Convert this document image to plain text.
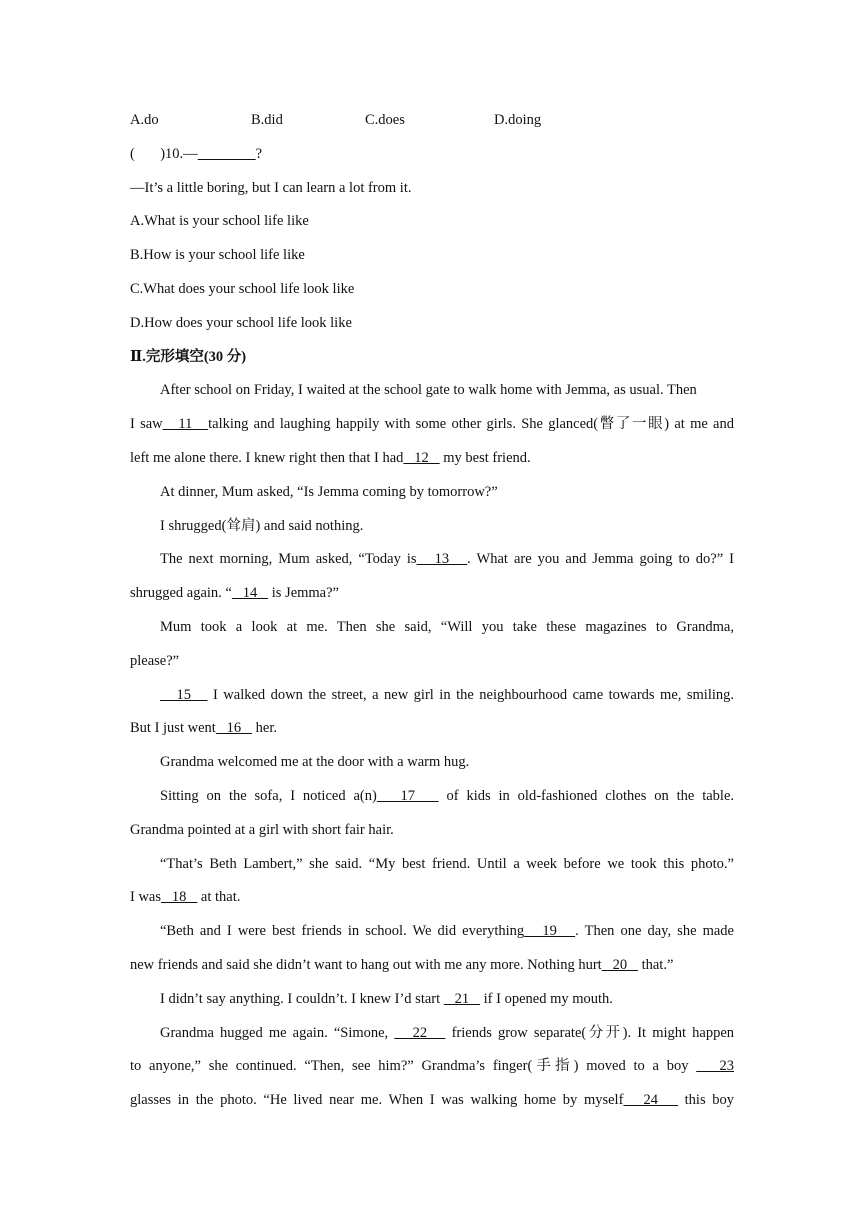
A.do	B.did	C.does	D.doing
(       )10.—	?
—It’s a little boring, but I can learn a lot from it.
A.What is your school life like
B.How is your school life like
C.What does your school life look like
D.How does your school life look like
Ⅱ.完形填空(30 分)
After school on Friday, I waited at the school gate to walk home with Jemma, as usual. Then
I saw   11   talking and laughing happily with some other girls. She glanced(瞥了一眼) at me and
left me alone there. I knew right then that I had   12    my best friend.
At dinner, Mum asked, “Is Jemma coming by tomorrow?”
I shrugged(耸肩) and said nothing.
The next morning, Mum asked, “Today is   13   . What are you and Jemma going to do?” I
shrugged again. “   14    is Jemma?”
Mum took a look at me. Then she said, “Will you take these magazines to Grandma,
please?”
15    I walked down the street, a new girl in the neighbourhood came towards me, smiling.
But I just went   16    her.
Grandma welcomed me at the door with a warm hug.
Sitting on the sofa, I noticed a(n)   17    of kids in old-fashioned clothes on the table.
Grandma pointed at a girl with short fair hair.
“That’s Beth Lambert,” she said. “My best friend. Until a week before we took this photo.”
I was   18    at that.
“Beth and I were best friends in school. We did everything   19   . Then one day, she made
new friends and said she didn’t want to hang out with me any more. Nothing hurt   20    that.”
I didn’t say anything. I couldn’t. I knew I’d start    21    if I opened my mouth.
Grandma hugged me again. “Simone,    22    friends grow separate(分开). It might happen
to anyone,” she continued. “Then, see him?” Grandma’s finger(手指) moved to a boy    23
glasses in the photo. “He lived near me. When I was walking home by myself   24    this boy
